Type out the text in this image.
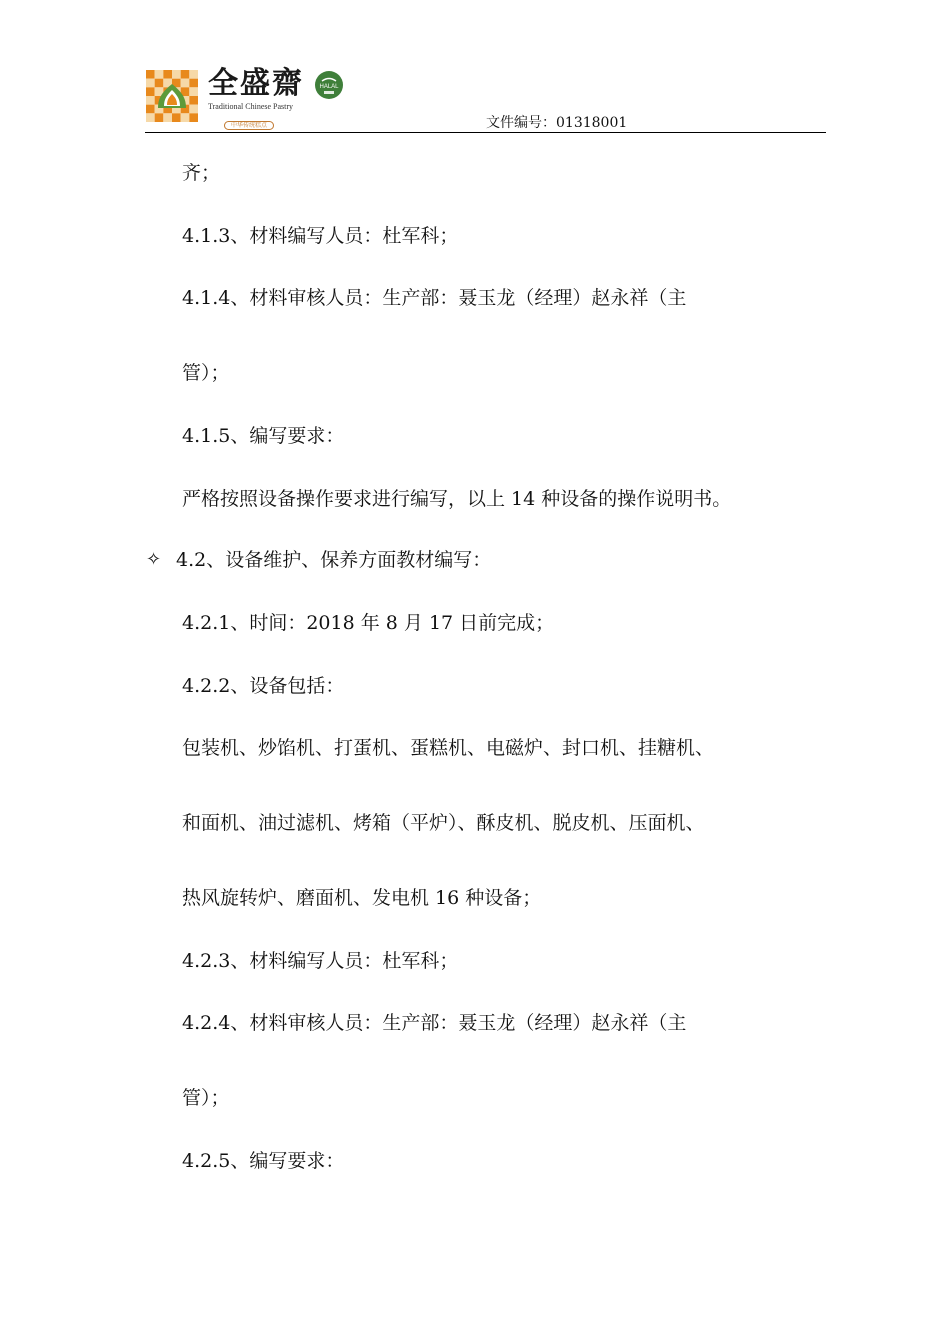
全盛齋
Traditional Chinese Pastry
中华传统糕点
HALAL
文件编号：01318001
齐；
4.1.3、材料编写人员：杜军科；
4.1.4、材料审核人员：生产部：聂玉龙（经理）赵永祥（主
管）；
4.1.5、编写要求：
严格按照设备操作要求进行编写，以上 14 种设备的操作说明书。
✧ 4.2、设备维护、保养方面教材编写：
4.2.1、时间：2018 年 8 月 17 日前完成；
4.2.2、设备包括：
包装机、炒馅机、打蛋机、蛋糕机、电磁炉、封口机、挂糖机、
和面机、油过滤机、烤箱（平炉）、酥皮机、脱皮机、压面机、
热风旋转炉、磨面机、发电机 16 种设备；
4.2.3、材料编写人员：杜军科；
4.2.4、材料审核人员：生产部：聂玉龙（经理）赵永祥（主
管）；
4.2.5、编写要求：
